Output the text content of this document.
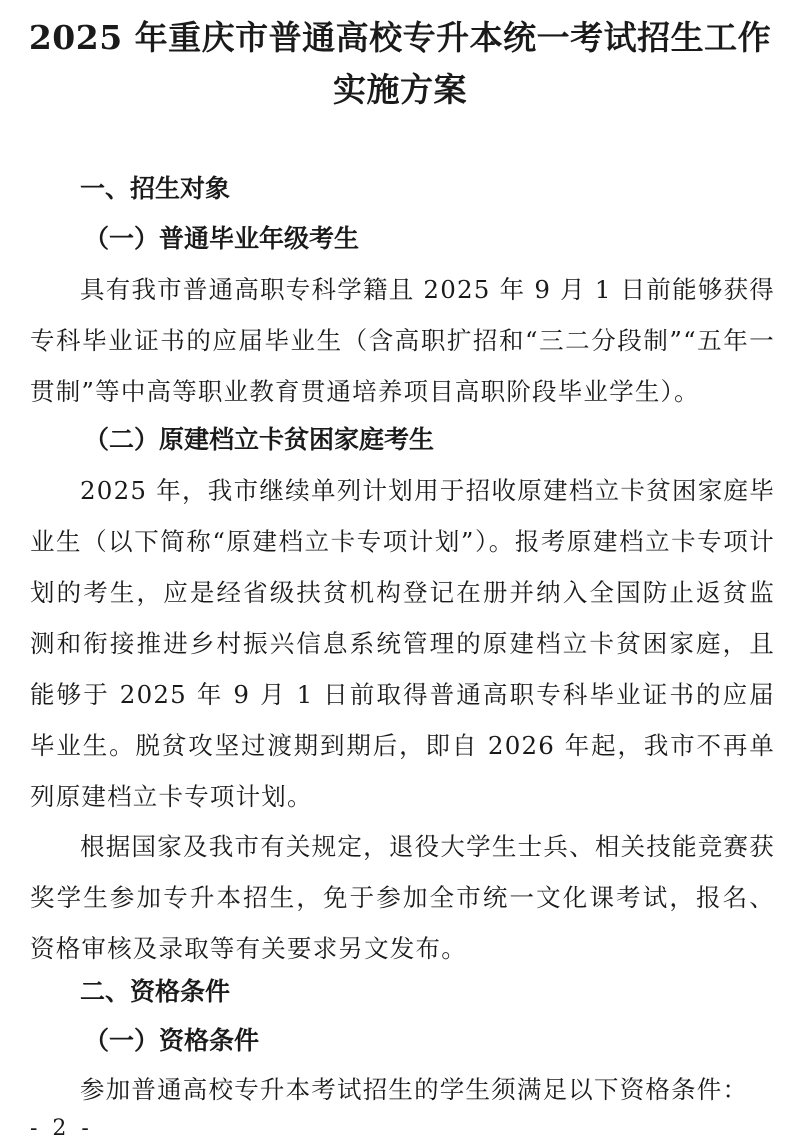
2025 年重庆市普通高校专升本统一考试招生工作实施方案
一、招生对象
（一）普通毕业年级考生
具有我市普通高职专科学籍且 2025 年 9 月 1 日前能够获得专科毕业证书的应届毕业生（含高职扩招和“三二分段制”“五年一贯制”等中高等职业教育贯通培养项目高职阶段毕业学生）。
（二）原建档立卡贫困家庭考生
2025 年，我市继续单列计划用于招收原建档立卡贫困家庭毕业生（以下简称“原建档立卡专项计划”）。报考原建档立卡专项计划的考生，应是经省级扶贫机构登记在册并纳入全国防止返贫监测和衔接推进乡村振兴信息系统管理的原建档立卡贫困家庭，且能够于 2025 年 9 月 1 日前取得普通高职专科毕业证书的应届毕业生。脱贫攻坚过渡期到期后，即自 2026 年起，我市不再单列原建档立卡专项计划。
根据国家及我市有关规定，退役大学生士兵、相关技能竞赛获奖学生参加专升本招生，免于参加全市统一文化课考试，报名、资格审核及录取等有关要求另文发布。
二、资格条件
（一）资格条件
参加普通高校专升本考试招生的学生须满足以下资格条件：
- 2 -
